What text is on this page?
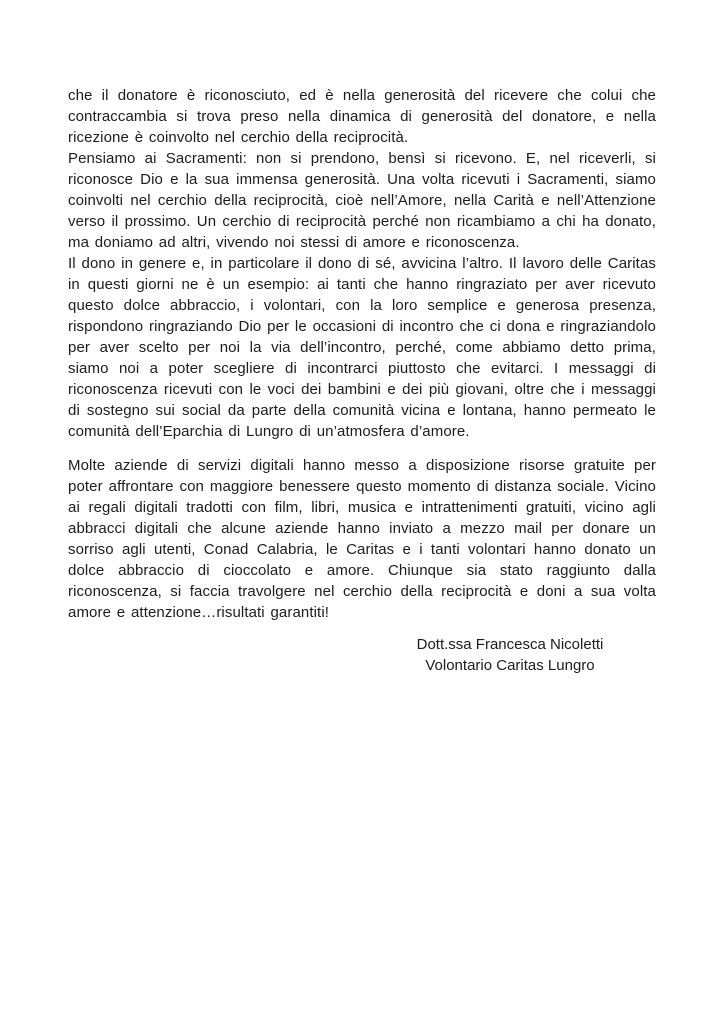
che il donatore è riconosciuto, ed è nella generosità del ricevere che colui che contraccambia si trova preso nella dinamica di generosità del donatore, e nella ricezione è coinvolto nel cerchio della reciprocità.

Pensiamo ai Sacramenti: non si prendono, bensì si ricevono. E, nel riceverli, si riconosce Dio e la sua immensa generosità. Una volta ricevuti i Sacramenti, siamo coinvolti nel cerchio della reciprocità, cioè nell’Amore, nella Carità e nell’Attenzione verso il prossimo. Un cerchio di reciprocità perché non ricambiamo a chi ha donato, ma doniamo ad altri, vivendo noi stessi di amore e riconoscenza.

Il dono in genere e, in particolare il dono di sé, avvicina l’altro. Il lavoro delle Caritas in questi giorni ne è un esempio: ai tanti che hanno ringraziato per aver ricevuto questo dolce abbraccio, i volontari, con la loro semplice e generosa presenza, rispondono ringraziando Dio per le occasioni di incontro che ci dona e ringraziandolo per aver scelto per noi la via dell’incontro, perché, come abbiamo detto prima, siamo noi a poter scegliere di incontrarci piuttosto che evitarci. I messaggi di riconoscenza ricevuti con le voci dei bambini e dei più giovani, oltre che i messaggi di sostegno sui social da parte della comunità vicina e lontana, hanno permeato le comunità dell’Eparchia di Lungro di un’atmosfera d’amore.

Molte aziende di servizi digitali hanno messo a disposizione risorse gratuite per poter affrontare con maggiore benessere questo momento di distanza sociale. Vicino ai regali digitali tradotti con film, libri, musica e intrattenimenti gratuiti, vicino agli abbracci digitali che alcune aziende hanno inviato a mezzo mail per donare un sorriso agli utenti, Conad Calabria, le Caritas e i tanti volontari hanno donato un dolce abbraccio di cioccolato e amore. Chiunque sia stato raggiunto dalla riconoscenza, si faccia travolgere nel cerchio della reciprocità e doni a sua volta amore e attenzione…risultati garantiti!

Dott.ssa Francesca Nicoletti
Volontario Caritas Lungro
